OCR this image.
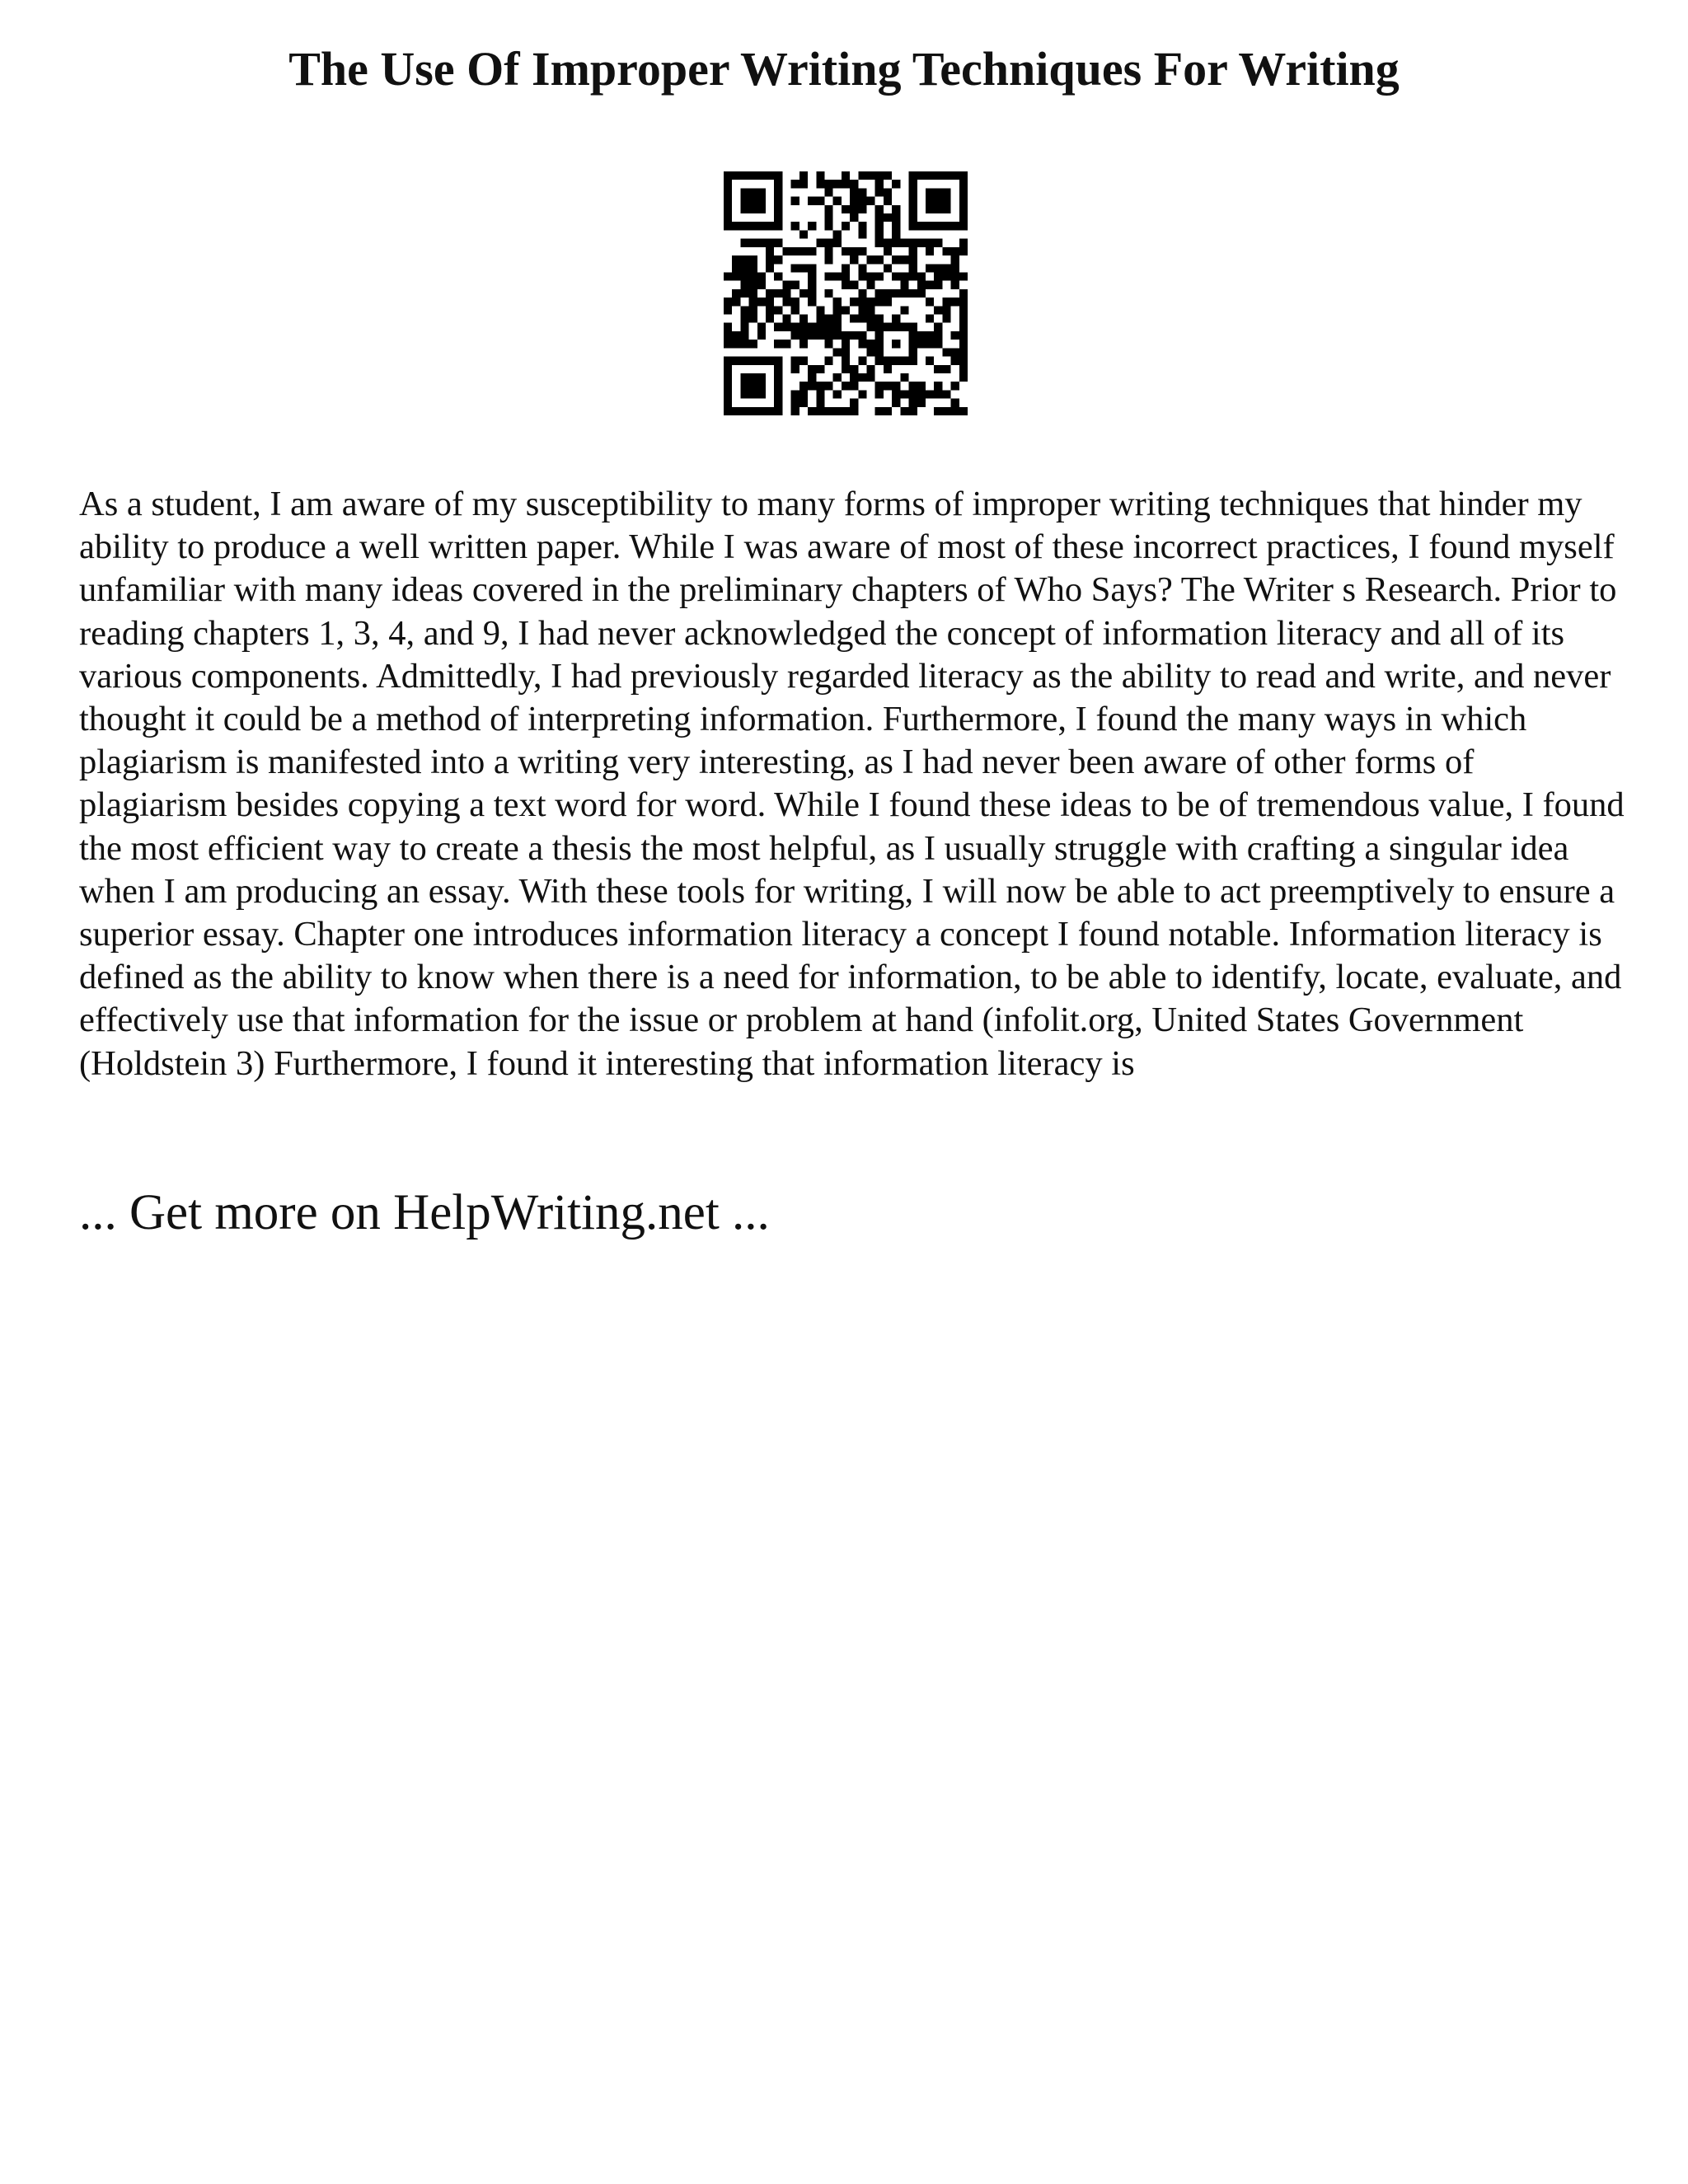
The Use Of Improper Writing Techniques For Writing

As a student, I am aware of my susceptibility to many forms of improper writing techniques that hinder my ability to produce a well written paper. While I was aware of most of these incorrect practices, I found myself unfamiliar with many ideas covered in the preliminary chapters of Who Says? The Writer s Research. Prior to reading chapters 1, 3, 4, and 9, I had never acknowledged the concept of information literacy and all of its various components. Admittedly, I had previously regarded literacy as the ability to read and write, and never thought it could be a method of interpreting information. Furthermore, I found the many ways in which plagiarism is manifested into a writing very interesting, as I had never been aware of other forms of plagiarism besides copying a text word for word. While I found these ideas to be of tremendous value, I found the most efficient way to create a thesis the most helpful, as I usually struggle with crafting a singular idea when I am producing an essay. With these tools for writing, I will now be able to act preemptively to ensure a superior essay. Chapter one introduces information literacy a concept I found notable. Information literacy is defined as the ability to know when there is a need for information, to be able to identify, locate, evaluate, and effectively use that information for the issue or problem at hand (infolit.org, United States Government (Holdstein 3) Furthermore, I found it interesting that information literacy is

... Get more on HelpWriting.net ...
